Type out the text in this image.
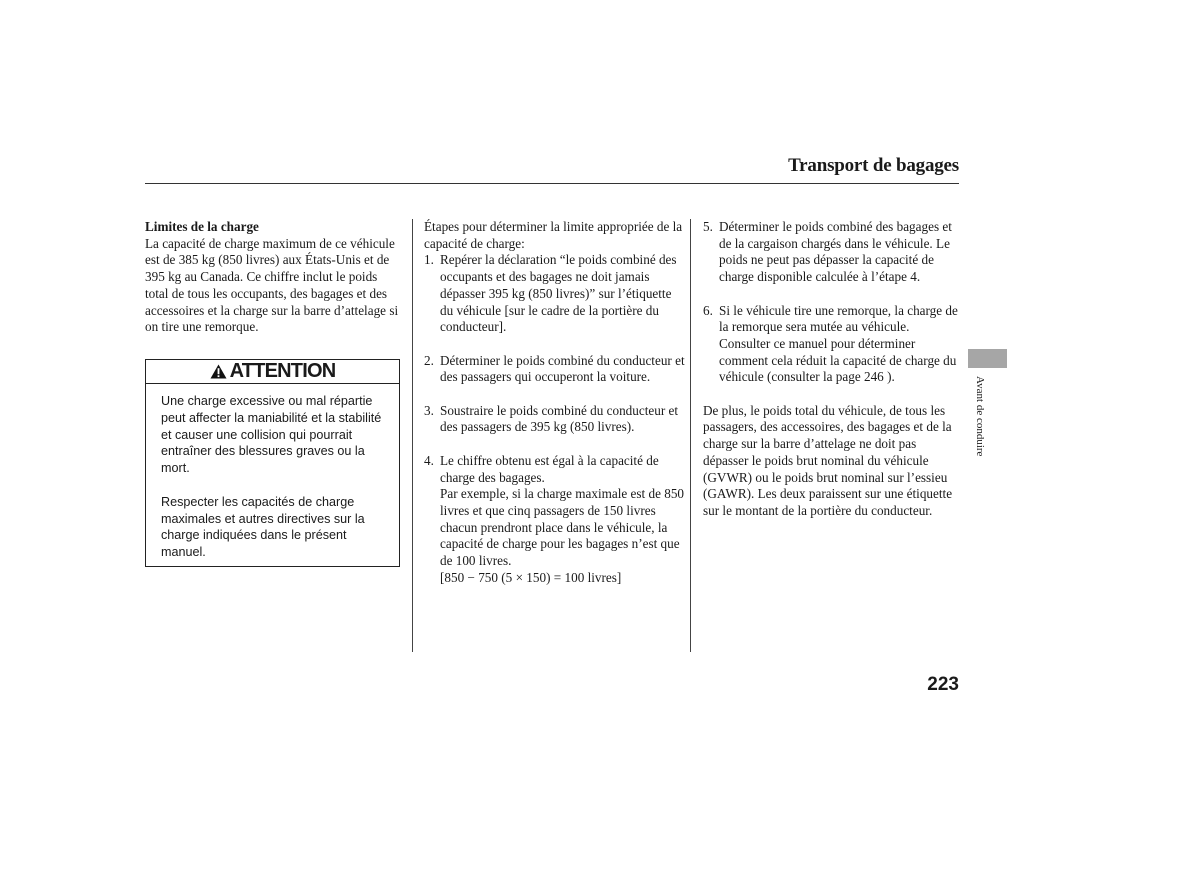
Transport de bagages
Limites de la charge

La capacité de charge maximum de ce véhicule est de 385 kg (850 livres) aux États-Unis et de 395 kg au Canada. Ce chiffre inclut le poids total de tous les occupants, des bagages et des accessoires et la charge sur la barre d’attelage si on tire une remorque.

ATTENTION

Une charge excessive ou mal répartie peut affecter la maniabilité et la stabilité et causer une collision qui pourrait entraîner des blessures graves ou la mort.

Respecter les capacités de charge maximales et autres directives sur la charge indiquées dans le présent manuel.

Étapes pour déterminer la limite appropriée de la capacité de charge:

1. Repérer la déclaration “le poids combiné des occupants et des bagages ne doit jamais dépasser 395 kg (850 livres)” sur l’étiquette du véhicule [sur le cadre de la portière du conducteur].
2. Déterminer le poids combiné du conducteur et des passagers qui occuperont la voiture.
3. Soustraire le poids combiné du conducteur et des passagers de 395 kg (850 livres).
4. Le chiffre obtenu est égal à la capacité de charge des bagages.
Par exemple, si la charge maximale est de 850 livres et que cinq passagers de 150 livres chacun prendront place dans le véhicule, la capacité de charge pour les bagages n’est que de 100 livres.
[850 − 750 (5 × 150) = 100 livres]
5. Déterminer le poids combiné des bagages et de la cargaison chargés dans le véhicule. Le poids ne peut pas dépasser la capacité de charge disponible calculée à l’étape 4.
6. Si le véhicule tire une remorque, la charge de la remorque sera mutée au véhicule. Consulter ce manuel pour déterminer comment cela réduit la capacité de charge du véhicule (consulter la page 246 ).

De plus, le poids total du véhicule, de tous les passagers, des accessoires, des bagages et de la charge sur la barre d’attelage ne doit pas dépasser le poids brut nominal du véhicule (GVWR) ou le poids brut nominal sur l’essieu (GAWR). Les deux paraissent sur une étiquette sur le montant de la portière du conducteur.

Avant de conduire
223
